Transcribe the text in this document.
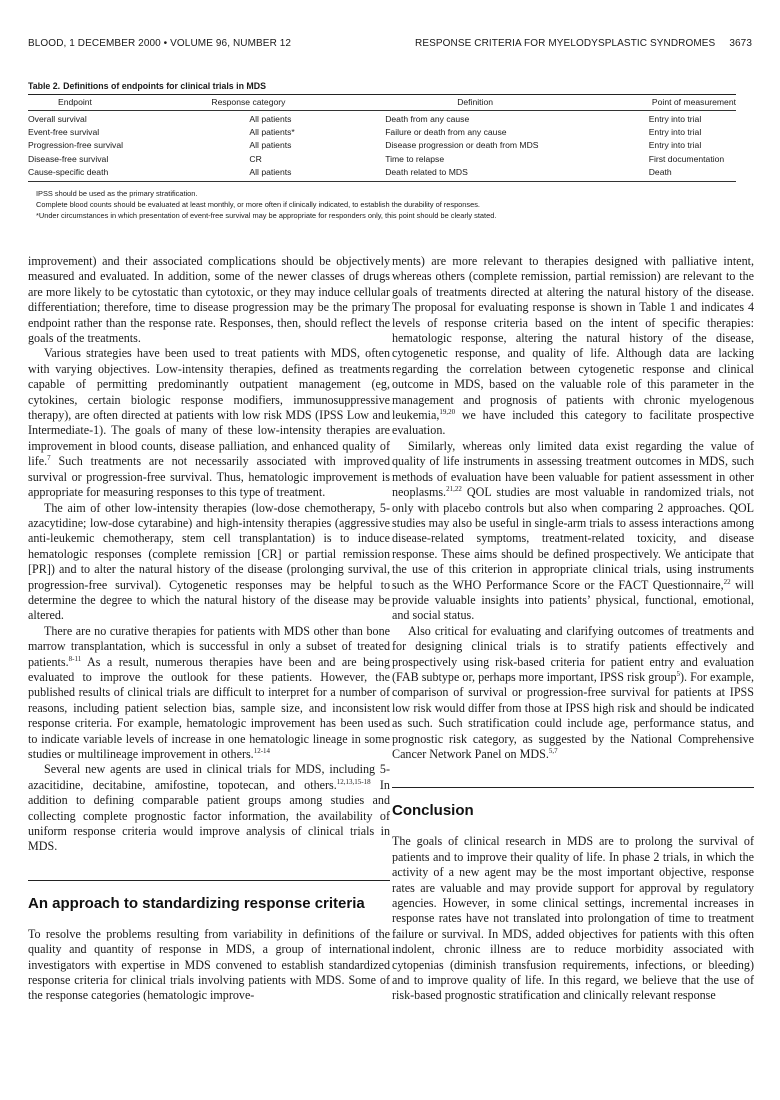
BLOOD, 1 DECEMBER 2000 • VOLUME 96, NUMBER 12	RESPONSE CRITERIA FOR MYELODYSPLASTIC SYNDROMES 3673
Table 2. Definitions of endpoints for clinical trials in MDS
Endpoint	Response category	Definition	Point of measurement
Overall survival	All patients	Death from any cause	Entry into trial
Event-free survival	All patients*	Failure or death from any cause	Entry into trial
Progression-free survival	All patients	Disease progression or death from MDS	Entry into trial
Disease-free survival	CR	Time to relapse	First documentation
Cause-specific death	All patients	Death related to MDS	Death
IPSS should be used as the primary stratification.
Complete blood counts should be evaluated at least monthly, or more often if clinically indicated, to establish the durability of responses.
*Under circumstances in which presentation of event-free survival may be appropriate for responders only, this point should be clearly stated.

improvement) and their associated complications should be objectively measured and evaluated. In addition, some of the newer classes of drugs are more likely to be cytostatic than cytotoxic, or they may induce cellular differentiation; therefore, time to disease progression may be the primary endpoint rather than the response rate. Responses, then, should reflect the goals of the treatments.

Various strategies have been used to treat patients with MDS, often with varying objectives. Low-intensity therapies, defined as treatments capable of permitting predominantly outpatient management (eg, cytokines, certain biologic response modifiers, immunosuppressive therapy), are often directed at patients with low risk MDS (IPSS Low and Intermediate-1). The goals of many of these low-intensity therapies are improvement in blood counts, disease palliation, and enhanced quality of life.$^7$ Such treatments are not necessarily associated with improved survival or progression-free survival. Thus, hematologic improvement is appropriate for measuring responses to this type of treatment.

The aim of other low-intensity therapies (low-dose chemotherapy, 5-azacytidine; low-dose cytarabine) and high-intensity therapies (aggressive anti-leukemic chemotherapy, stem cell transplantation) is to induce hematologic responses (complete remission [CR] or partial remission [PR]) and to alter the natural history of the disease (prolonging survival, progression-free survival). Cytogenetic responses may be helpful to determine the degree to which the natural history of the disease may be altered.

There are no curative therapies for patients with MDS other than bone marrow transplantation, which is successful in only a subset of treated patients.$^{8-11}$ As a result, numerous therapies have been and are being evaluated to improve the outlook for these patients. However, the published results of clinical trials are difficult to interpret for a number of reasons, including patient selection bias, sample size, and inconsistent response criteria. For example, hematologic improvement has been used to indicate variable levels of increase in one hematologic lineage in some studies or multilineage improvement in others.$^{12-14}$

Several new agents are used in clinical trials for MDS, including 5-azacitidine, decitabine, amifostine, topotecan, and others.$^{12,13,15-18}$ In addition to defining comparable patient groups among studies and collecting complete prognostic factor information, the availability of uniform response criteria would improve analysis of clinical trials in MDS.

An approach to standardizing response criteria

To resolve the problems resulting from variability in definitions of the quality and quantity of response in MDS, a group of international investigators with expertise in MDS convened to establish standardized response criteria for clinical trials involving patients with MDS. Some of the response categories (hematologic improve-

ments) are more relevant to therapies designed with palliative intent, whereas others (complete remission, partial remission) are relevant to the goals of treatments directed at altering the natural history of the disease. The proposal for evaluating response is shown in Table 1 and indicates 4 levels of response criteria based on the intent of specific therapies: hematologic response, altering the natural history of the disease, cytogenetic response, and quality of life. Although data are lacking regarding the correlation between cytogenetic response and clinical outcome in MDS, based on the valuable role of this parameter in the management and prognosis of patients with chronic myelogenous leukemia,$^{19,20}$ we have included this category to facilitate prospective evaluation.

Similarly, whereas only limited data exist regarding the value of quality of life instruments in assessing treatment outcomes in MDS, such methods of evaluation have been valuable for patient assessment in other neoplasms.$^{21,22}$ QOL studies are most valuable in randomized trials, not only with placebo controls but also when comparing 2 approaches. QOL studies may also be useful in single-arm trials to assess interactions among disease-related symptoms, treatment-related toxicity, and disease response. These aims should be defined prospectively. We anticipate that the use of this criterion in appropriate clinical trials, using instruments such as the WHO Performance Score or the FACT Questionnaire,$^{22}$ will provide valuable insights into patients’ physical, functional, emotional, and social status.

Also critical for evaluating and clarifying outcomes of treatments and for designing clinical trials is to stratify patients effectively and prospectively using risk-based criteria for patient entry and evaluation (FAB subtype or, perhaps more important, IPSS risk group$^5$). For example, comparison of survival or progression-free survival for patients at IPSS low risk would differ from those at IPSS high risk and should be indicated as such. Such stratification could include age, performance status, and prognostic risk category, as suggested by the National Comprehensive Cancer Network Panel on MDS.$^{5,7}$

Conclusion

The goals of clinical research in MDS are to prolong the survival of patients and to improve their quality of life. In phase 2 trials, in which the activity of a new agent may be the most important objective, response rates are valuable and may provide support for approval by regulatory agencies. However, in some clinical settings, incremental increases in response rates have not translated into prolongation of time to treatment failure or survival. In MDS, added objectives for patients with this often indolent, chronic illness are to reduce morbidity associated with cytopenias (diminish transfusion requirements, infections, or bleeding) and to improve quality of life. In this regard, we believe that the use of risk-based prognostic stratification and clinically relevant response
